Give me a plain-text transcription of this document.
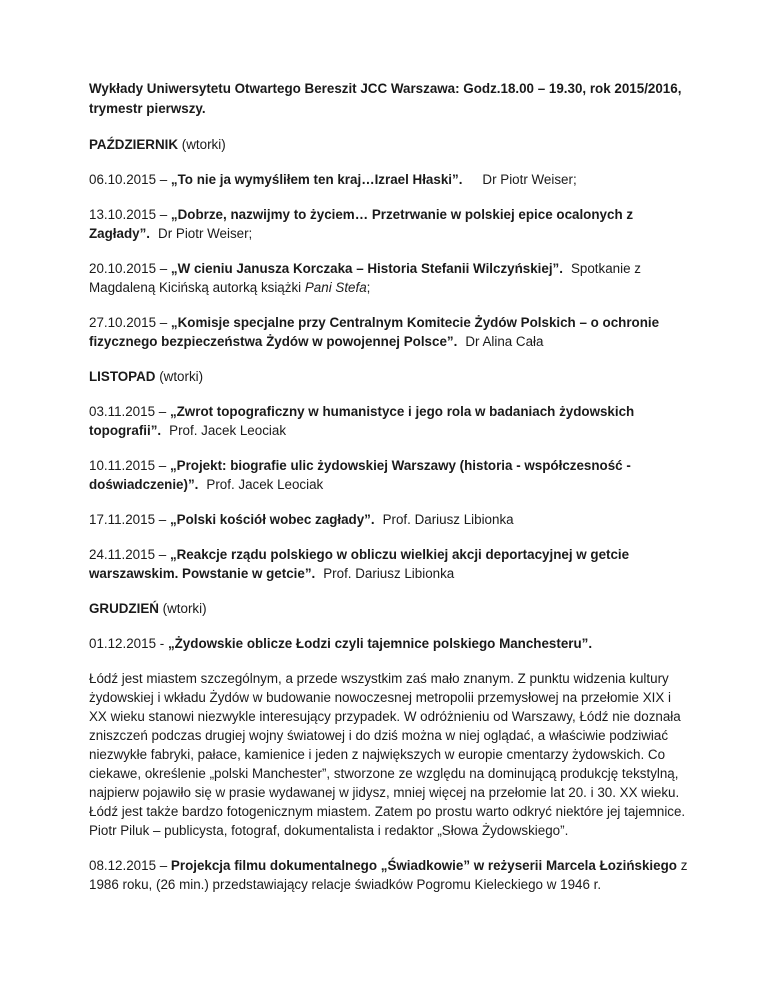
Wykłady Uniwersytetu Otwartego Bereszit JCC Warszawa: Godz.18.00 – 19.30, rok 2015/2016, trymestr pierwszy.

PAŹDZIERNIK (wtorki)

06.10.2015 – „To nie ja wymyśliłem ten kraj…Izrael Hłaski”. Dr Piotr Weiser;

13.10.2015 – „Dobrze, nazwijmy to życiem… Przetrwanie w polskiej epice ocalonych z Zagłady”. Dr Piotr Weiser;

20.10.2015 – „W cieniu Janusza Korczaka – Historia Stefanii Wilczyńskiej”. Spotkanie z Magdaleną Kicińską autorką książki Pani Stefa;

27.10.2015 – „Komisje specjalne przy Centralnym Komitecie Żydów Polskich – o ochronie fizycznego bezpieczeństwa Żydów w powojennej Polsce”. Dr Alina Cała

LISTOPAD (wtorki)

03.11.2015 – „Zwrot topograficzny w humanistyce i jego rola w badaniach żydowskich topografii”. Prof. Jacek Leociak

10.11.2015 – „Projekt: biografie ulic żydowskiej Warszawy (historia - współczesność - doświadczenie)”. Prof. Jacek Leociak

17.11.2015 – „Polski kościół wobec zagłady”. Prof. Dariusz Libionka

24.11.2015 – „Reakcje rządu polskiego w obliczu wielkiej akcji deportacyjnej w getcie warszawskim. Powstanie w getcie”. Prof. Dariusz Libionka

GRUDZIEŃ (wtorki)

01.12.2015 - „Żydowskie oblicze Łodzi czyli tajemnice polskiego Manchesteru”.

Łódź jest miastem szczególnym, a przede wszystkim zaś mało znanym. Z punktu widzenia kultury żydowskiej i wkładu Żydów w budowanie nowoczesnej metropolii przemysłowej na przełomie XIX i XX wieku stanowi niezwykle interesujący przypadek. W odróżnieniu od Warszawy, Łódź nie doznała zniszczeń podczas drugiej wojny światowej i do dziś można w niej oglądać, a właściwie podziwiać niezwykłe fabryki, pałace, kamienice i jeden z największych w europie cmentarzy żydowskich. Co ciekawe, określenie „polski Manchester”, stworzone ze względu na dominującą produkcję tekstylną, najpierw pojawiło się w prasie wydawanej w jidysz, mniej więcej na przełomie lat 20. i 30. XX wieku.

Łódź jest także bardzo fotogenicznym miastem. Zatem po prostu warto odkryć niektóre jej tajemnice.

Piotr Piluk – publicysta, fotograf, dokumentalista i redaktor „Słowa Żydowskiego”.

08.12.2015 – Projekcja filmu dokumentalnego „Świadkowie” w reżyserii Marcela Łozińskiego z 1986 roku, (26 min.) przedstawiający relacje świadków Pogromu Kieleckiego w 1946 r.
